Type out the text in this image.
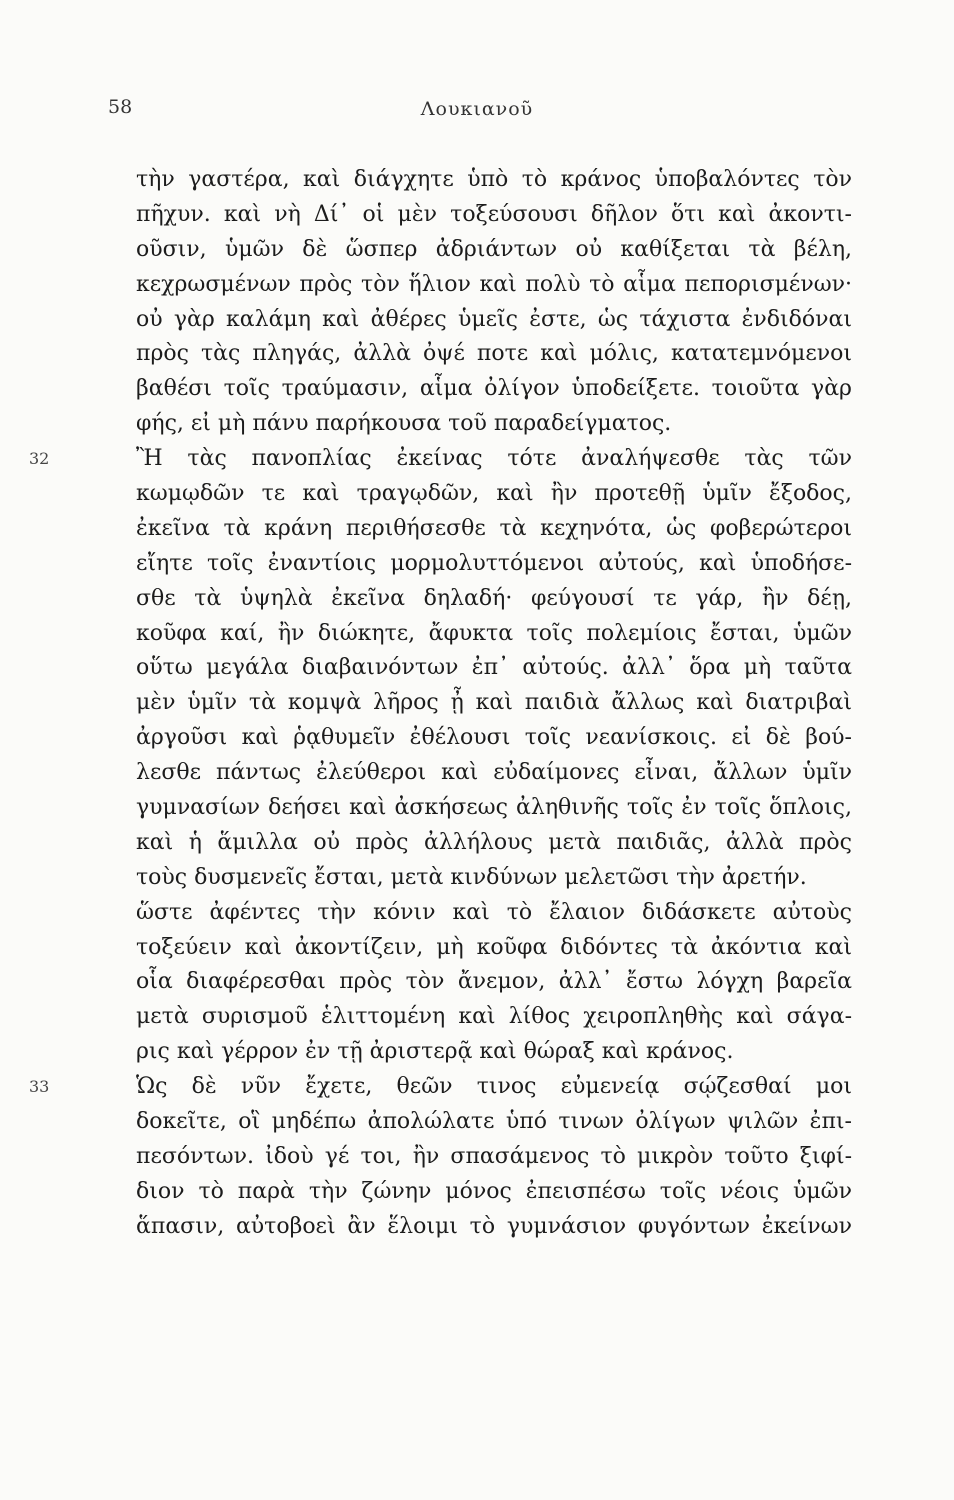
58	Λουκιανοῦ
τὴν γαστέρα, καὶ διάγχητε ὑπὸ τὸ κράνος ὑποβαλόντες τὸν
πῆχυν. καὶ νὴ Δί᾽ οἱ μὲν τοξεύσουσι δῆλον ὅτι καὶ ἀκοντι-
οῦσιν, ὑμῶν δὲ ὥσπερ ἀδριάντων οὐ καθίξεται τὰ βέλη,
κεχρωσμένων πρὸς τὸν ἥλιον καὶ πολὺ τὸ αἷμα πεπορισμένων·
οὐ γὰρ καλάμη καὶ ἀθέρες ὑμεῖς ἐστε, ὡς τάχιστα ἐνδιδόναι
πρὸς τὰς πληγάς, ἀλλὰ ὀψέ ποτε καὶ μόλις, κατατεμνόμενοι
βαθέσι τοῖς τραύμασιν, αἷμα ὀλίγον ὑποδείξετε. τοιοῦτα γὰρ
φής, εἰ μὴ πάνυ παρήκουσα τοῦ παραδείγματος.
32	Ἢ τὰς πανοπλίας ἐκείνας τότε ἀναλήψεσθε τὰς τῶν
κωμῳδῶν τε καὶ τραγῳδῶν, καὶ ἢν προτεθῇ ὑμῖν ἔξοδος,
ἐκεῖνα τὰ κράνη περιθήσεσθε τὰ κεχηνότα, ὡς φοβερώτεροι
εἴητε τοῖς ἐναντίοις μορμολυττόμενοι αὐτούς, καὶ ὑποδήσε-
σθε τὰ ὑψηλὰ ἐκεῖνα δηλαδή· φεύγουσί τε γάρ, ἢν δέῃ,
κοῦφα καί, ἢν διώκητε, ἄφυκτα τοῖς πολεμίοις ἔσται, ὑμῶν
οὕτω μεγάλα διαβαινόντων ἐπ᾽ αὐτούς. ἀλλ᾽ ὅρα μὴ ταῦτα
μὲν ὑμῖν τὰ κομψὰ λῆρος ᾖ καὶ παιδιὰ ἄλλως καὶ διατριβαὶ
ἀργοῦσι καὶ ῥᾳθυμεῖν ἐθέλουσι τοῖς νεανίσκοις. εἰ δὲ βού-
λεσθε πάντως ἐλεύθεροι καὶ εὐδαίμονες εἶναι, ἄλλων ὑμῖν
γυμνασίων δεήσει καὶ ἀσκήσεως ἀληθινῆς τοῖς ἐν τοῖς ὅπλοις,
καὶ ἡ ἅμιλλα οὐ πρὸς ἀλλήλους μετὰ παιδιᾶς, ἀλλὰ πρὸς
τοὺς δυσμενεῖς ἔσται, μετὰ κινδύνων μελετῶσι τὴν ἀρετήν.
ὥστε ἀφέντες τὴν κόνιν καὶ τὸ ἔλαιον διδάσκετε αὐτοὺς
τοξεύειν καὶ ἀκοντίζειν, μὴ κοῦφα διδόντες τὰ ἀκόντια καὶ
οἷα διαφέρεσθαι πρὸς τὸν ἄνεμον, ἀλλ᾽ ἔστω λόγχη βαρεῖα
μετὰ συρισμοῦ ἑλιττομένη καὶ λίθος χειροπληθὴς καὶ σάγα-
ρις καὶ γέρρον ἐν τῇ ἀριστερᾷ καὶ θώραξ καὶ κράνος.
33	Ὡς δὲ νῦν ἔχετε, θεῶν τινος εὐμενείᾳ σῴζεσθαί μοι
δοκεῖτε, οἳ μηδέπω ἀπολώλατε ὑπό τινων ὀλίγων ψιλῶν ἐπι-
πεσόντων. ἰδοὺ γέ τοι, ἢν σπασάμενος τὸ μικρὸν τοῦτο ξιφί-
διον τὸ παρὰ τὴν ζώνην μόνος ἐπεισπέσω τοῖς νέοις ὑμῶν
ἅπασιν, αὐτοβοεὶ ἂν ἕλοιμι τὸ γυμνάσιον φυγόντων ἐκείνων
